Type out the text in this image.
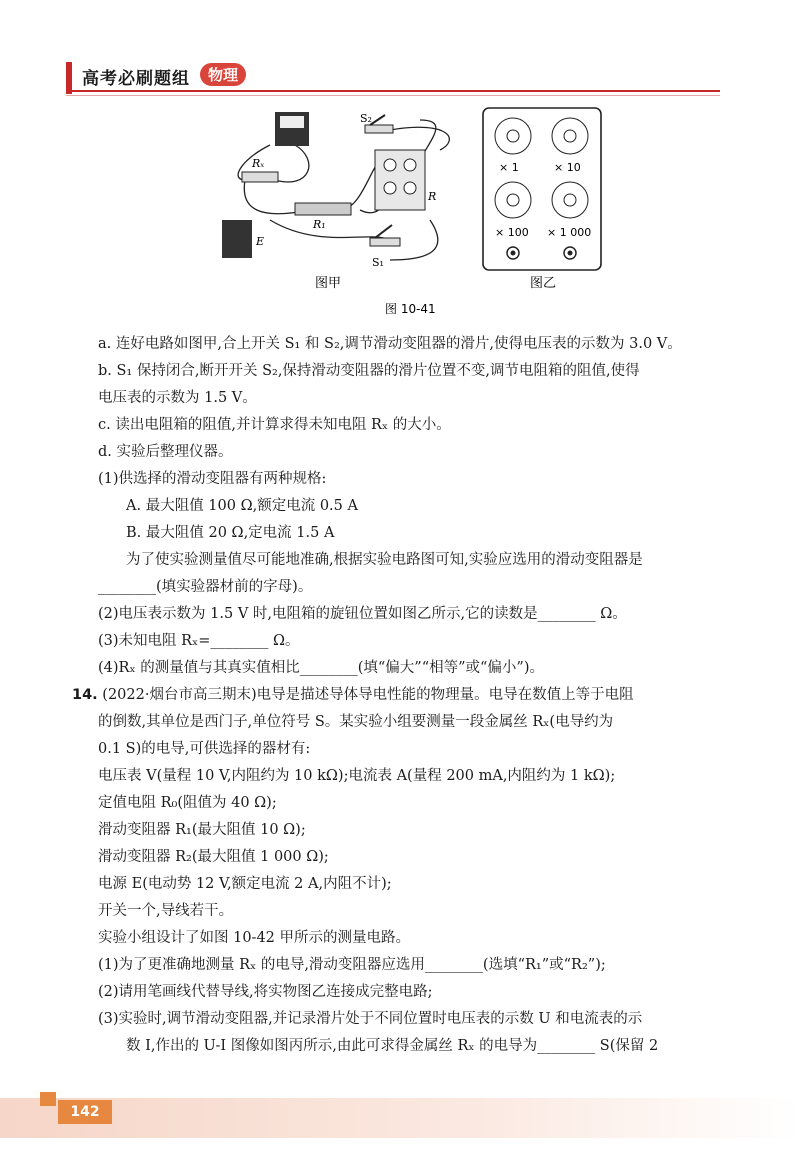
高考必刷题组	物理
× 1	× 10
× 100 × 1 000
S₂
Rₓ
R₁
R
E
S₁
图甲	图乙
图 10-41
a. 连好电路如图甲,合上开关 S₁ 和 S₂,调节滑动变阻器的滑片,使得电压表的示数为 3.0 V。
b. S₁ 保持闭合,断开开关 S₂,保持滑动变阻器的滑片位置不变,调节电阻箱的阻值,使得
电压表的示数为 1.5 V。
c. 读出电阻箱的阻值,并计算求得未知电阻 Rₓ 的大小。
d. 实验后整理仪器。
(1)供选择的滑动变阻器有两种规格:
A. 最大阻值 100 Ω,额定电流 0.5 A
B. 最大阻值 20 Ω,定电流 1.5 A
为了使实验测量值尽可能地准确,根据实验电路图可知,实验应选用的滑动变阻器是
________(填实验器材前的字母)。
(2)电压表示数为 1.5 V 时,电阻箱的旋钮位置如图乙所示,它的读数是________ Ω。
(3)未知电阻 Rₓ=________ Ω。
(4)Rₓ 的测量值与其真实值相比________(填“偏大”“相等”或“偏小”)。
14. (2022·烟台市高三期末)电导是描述导体导电性能的物理量。电导在数值上等于电阻
的倒数,其单位是西门子,单位符号 S。某实验小组要测量一段金属丝 Rₓ(电导约为
0.1 S)的电导,可供选择的器材有:
电压表 V(量程 10 V,内阻约为 10 kΩ);电流表 A(量程 200 mA,内阻约为 1 kΩ);
定值电阻 R₀(阻值为 40 Ω);
滑动变阻器 R₁(最大阻值 10 Ω);
滑动变阻器 R₂(最大阻值 1 000 Ω);
电源 E(电动势 12 V,额定电流 2 A,内阻不计);
开关一个,导线若干。
实验小组设计了如图 10-42 甲所示的测量电路。
(1)为了更准确地测量 Rₓ 的电导,滑动变阻器应选用________(选填“R₁”或“R₂”);
(2)请用笔画线代替导线,将实物图乙连接成完整电路;
(3)实验时,调节滑动变阻器,并记录滑片处于不同位置时电压表的示数 U 和电流表的示
数 I,作出的 U-I 图像如图丙所示,由此可求得金属丝 Rₓ 的电导为________ S(保留 2
142
